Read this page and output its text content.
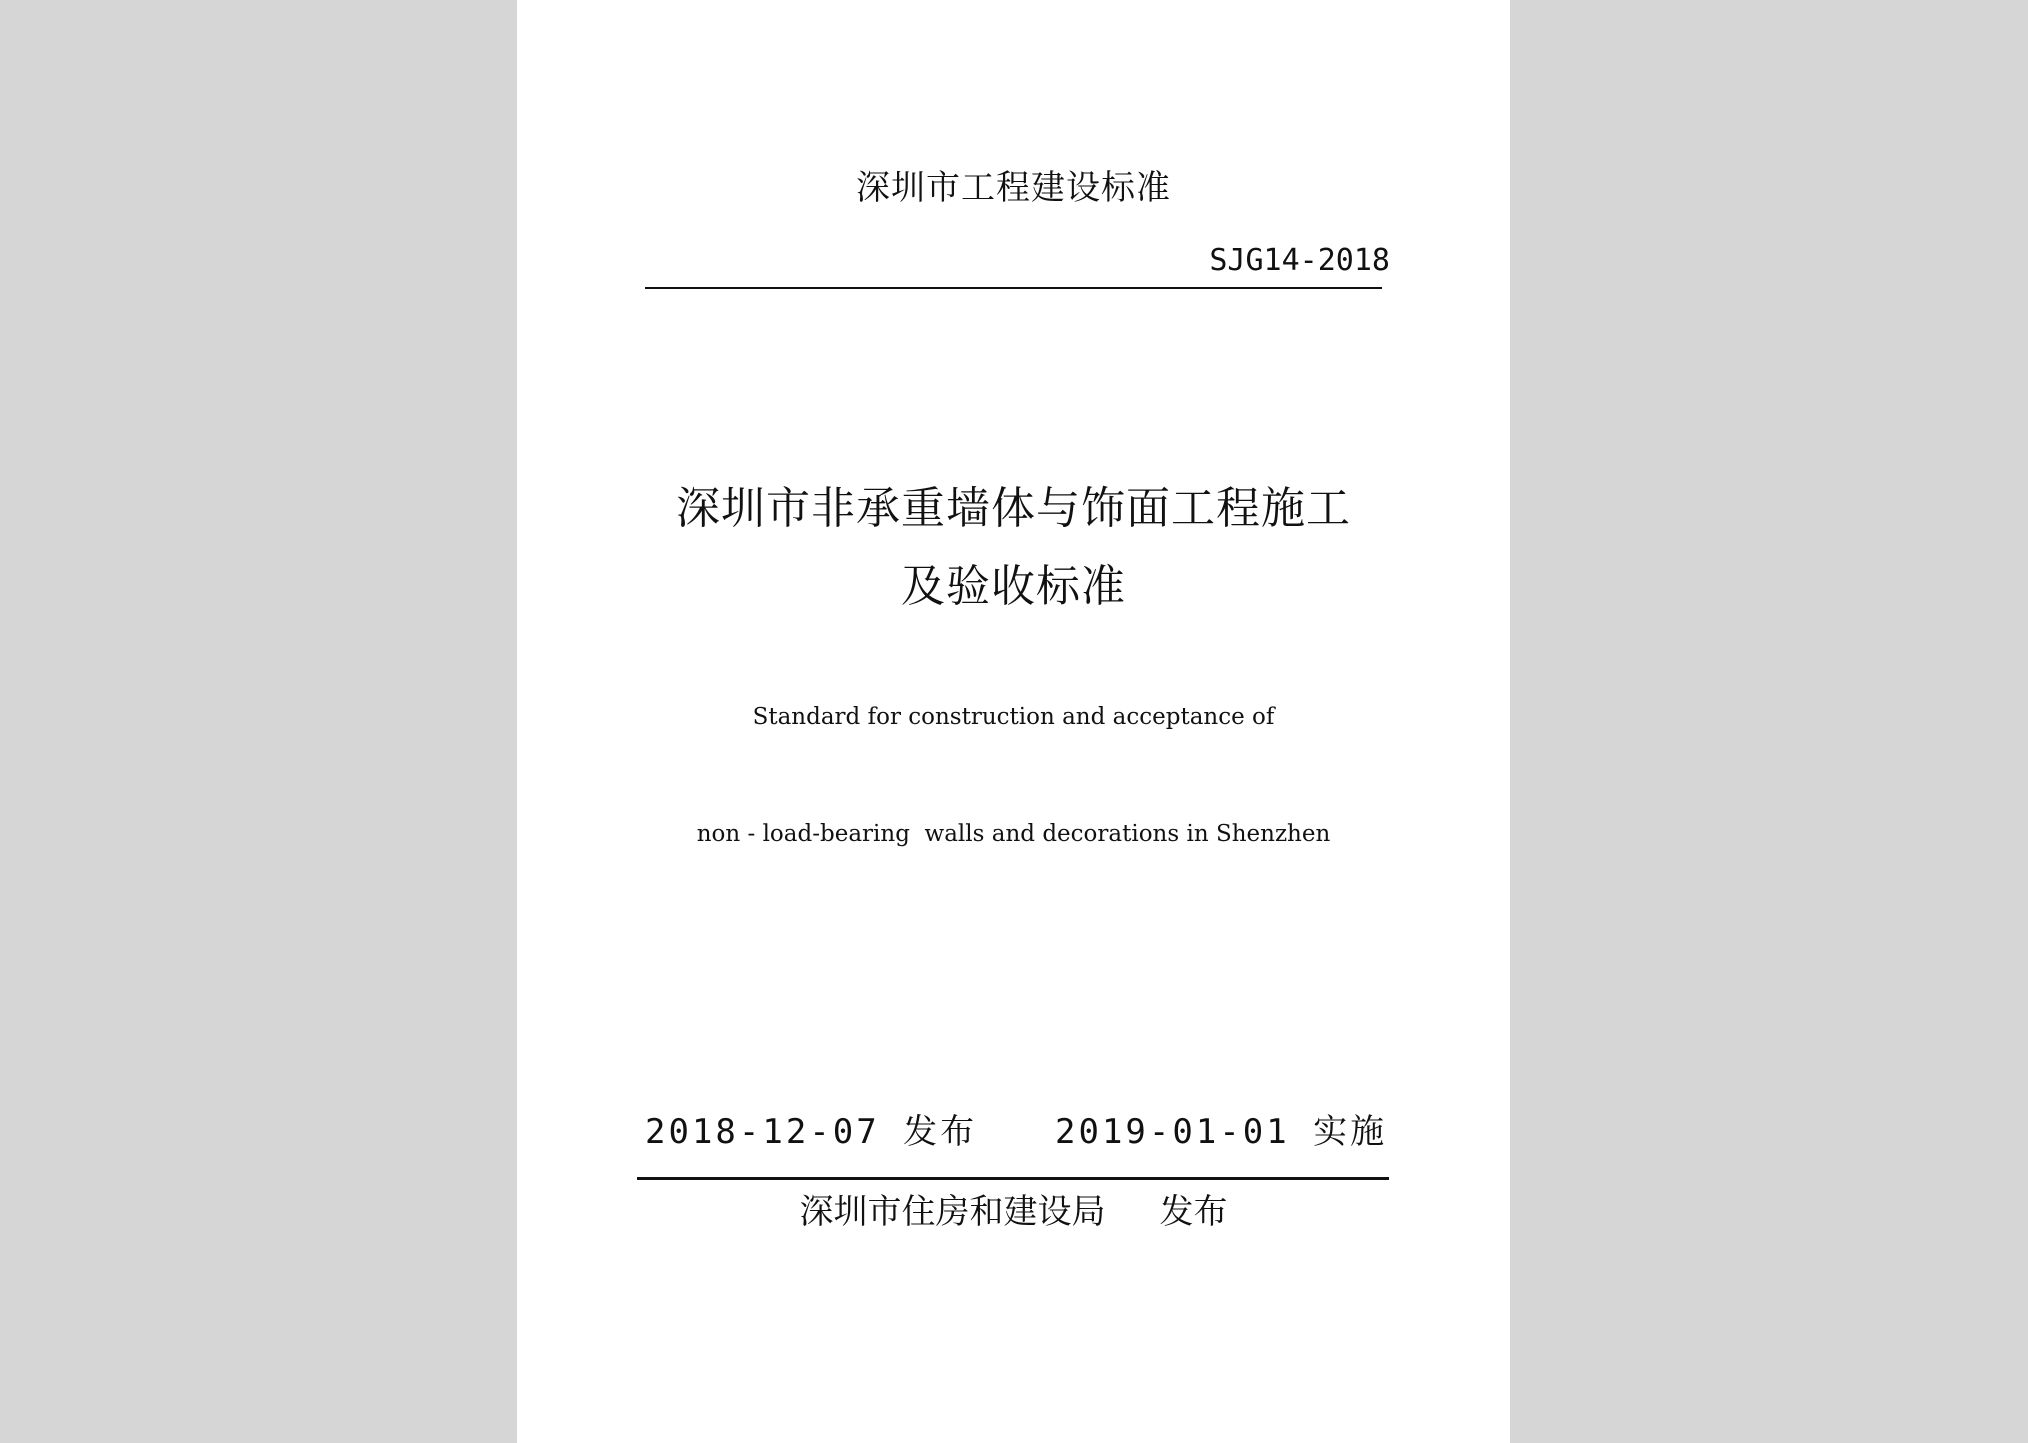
深圳市工程建设标准
SJG14-2018
深圳市非承重墙体与饰面工程施工
及验收标准

Standard for construction and acceptance of

non - load-bearing  walls and decorations in Shenzhen

2018-12-07 发布 2019-01-01 实施
深圳市住房和建设局     发布
